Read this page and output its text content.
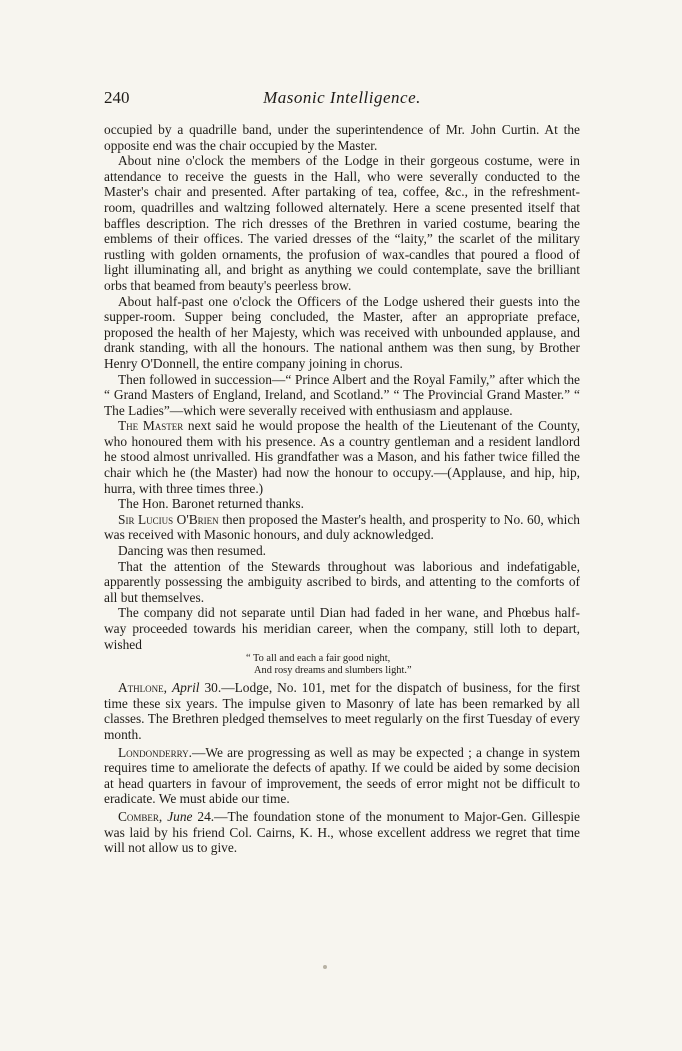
240	Masonic Intelligence.

occupied by a quadrille band, under the superintendence of Mr. John Curtin. At the opposite end was the chair occupied by the Master.

About nine o'clock the members of the Lodge in their gorgeous costume, were in attendance to receive the guests in the Hall, who were severally conducted to the Master's chair and presented. After partaking of tea, coffee, &c., in the refreshment-room, quadrilles and waltzing followed alternately. Here a scene presented itself that baffles description. The rich dresses of the Brethren in varied costume, bearing the emblems of their offices. The varied dresses of the “laity,” the scarlet of the military rustling with golden ornaments, the profusion of wax-candles that poured a flood of light illuminating all, and bright as anything we could contemplate, save the brilliant orbs that beamed from beauty's peerless brow.

About half-past one o'clock the Officers of the Lodge ushered their guests into the supper-room. Supper being concluded, the Master, after an appropriate preface, proposed the health of her Majesty, which was received with unbounded applause, and drank standing, with all the honours. The national anthem was then sung, by Brother Henry O'Donnell, the entire company joining in chorus.

Then followed in succession—“ Prince Albert and the Royal Family,” after which the “ Grand Masters of England, Ireland, and Scotland.” “ The Provincial Grand Master.” “ The Ladies”—which were severally received with enthusiasm and applause.

The Master next said he would propose the health of the Lieutenant of the County, who honoured them with his presence. As a country gentleman and a resident landlord he stood almost unrivalled. His grandfather was a Mason, and his father twice filled the chair which he (the Master) had now the honour to occupy.—(Applause, and hip, hip, hurra, with three times three.)

The Hon. Baronet returned thanks.

Sir Lucius O'Brien then proposed the Master's health, and prosperity to No. 60, which was received with Masonic honours, and duly acknowledged.

Dancing was then resumed.

That the attention of the Stewards throughout was laborious and indefatigable, apparently possessing the ambiguity ascribed to birds, and attenting to the comforts of all but themselves.

The company did not separate until Dian had faded in her wane, and Phœbus half-way proceeded towards his meridian career, when the company, still loth to depart, wished

“ To all and each a fair good night,
And rosy dreams and slumbers light.”

Athlone, April 30.—Lodge, No. 101, met for the dispatch of business, for the first time these six years. The impulse given to Masonry of late has been remarked by all classes. The Brethren pledged themselves to meet regularly on the first Tuesday of every month.

Londonderry.—We are progressing as well as may be expected ; a change in system requires time to ameliorate the defects of apathy. If we could be aided by some decision at head quarters in favour of improvement, the seeds of error might not be difficult to eradicate. We must abide our time.

Comber, June 24.—The foundation stone of the monument to Major-Gen. Gillespie was laid by his friend Col. Cairns, K. H., whose excellent address we regret that time will not allow us to give.
